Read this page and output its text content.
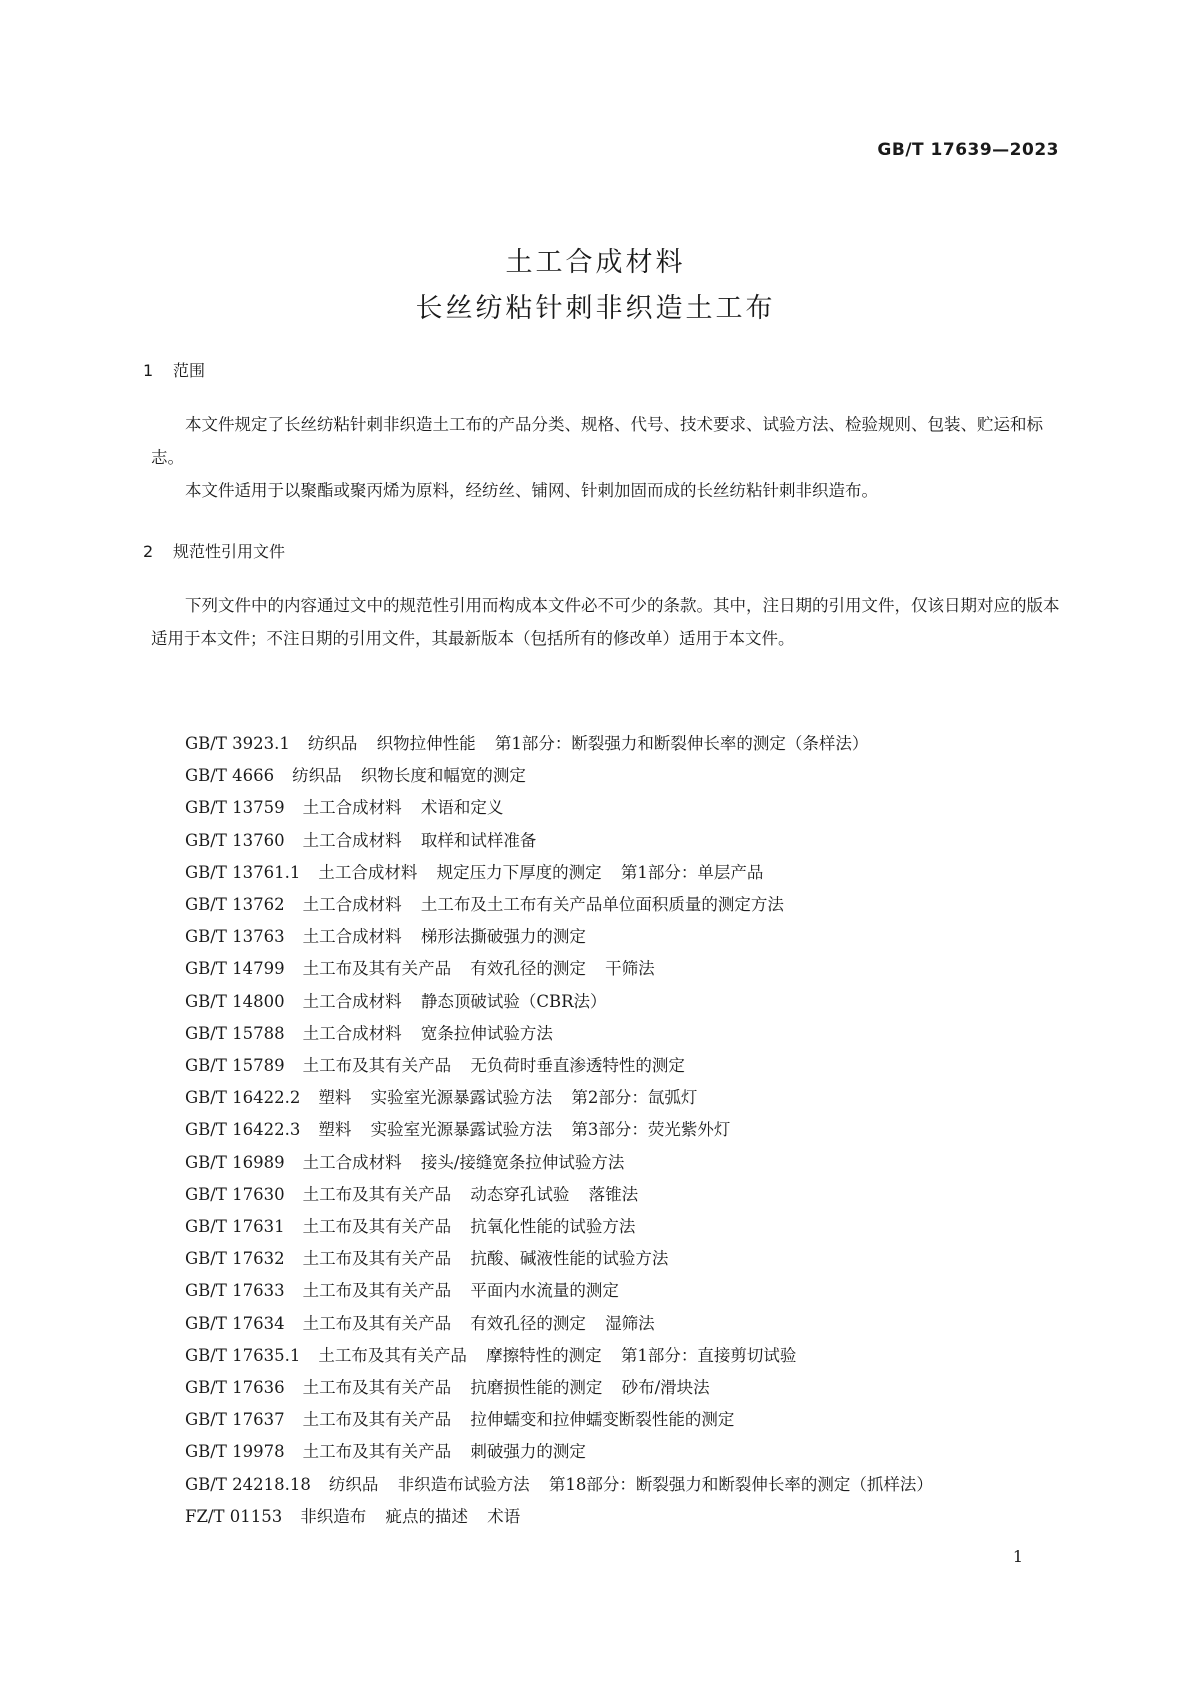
GB/T 17639—2023
土工合成材料
长丝纺粘针刺非织造土工布
1 范围

本文件规定了长丝纺粘针刺非织造土工布的产品分类、规格、代号、技术要求、试验方法、检验规则、包装、贮运和标志。

本文件适用于以聚酯或聚丙烯为原料，经纺丝、铺网、针刺加固而成的长丝纺粘针刺非织造布。

2 规范性引用文件

下列文件中的内容通过文中的规范性引用而构成本文件必不可少的条款。其中，注日期的引用文件，仅该日期对应的版本适用于本文件；不注日期的引用文件，其最新版本（包括所有的修改单）适用于本文件。

GB/T 3923.1 纺织品 织物拉伸性能 第1部分：断裂强力和断裂伸长率的测定（条样法）
GB/T 4666 纺织品 织物长度和幅宽的测定
GB/T 13759 土工合成材料 术语和定义
GB/T 13760 土工合成材料 取样和试样准备
GB/T 13761.1 土工合成材料 规定压力下厚度的测定 第1部分：单层产品
GB/T 13762 土工合成材料 土工布及土工布有关产品单位面积质量的测定方法
GB/T 13763 土工合成材料 梯形法撕破强力的测定
GB/T 14799 土工布及其有关产品 有效孔径的测定 干筛法
GB/T 14800 土工合成材料 静态顶破试验（CBR法）
GB/T 15788 土工合成材料 宽条拉伸试验方法
GB/T 15789 土工布及其有关产品 无负荷时垂直渗透特性的测定
GB/T 16422.2 塑料 实验室光源暴露试验方法 第2部分：氙弧灯
GB/T 16422.3 塑料 实验室光源暴露试验方法 第3部分：荧光紫外灯
GB/T 16989 土工合成材料 接头/接缝宽条拉伸试验方法
GB/T 17630 土工布及其有关产品 动态穿孔试验 落锥法
GB/T 17631 土工布及其有关产品 抗氧化性能的试验方法
GB/T 17632 土工布及其有关产品 抗酸、碱液性能的试验方法
GB/T 17633 土工布及其有关产品 平面内水流量的测定
GB/T 17634 土工布及其有关产品 有效孔径的测定 湿筛法
GB/T 17635.1 土工布及其有关产品 摩擦特性的测定 第1部分：直接剪切试验
GB/T 17636 土工布及其有关产品 抗磨损性能的测定 砂布/滑块法
GB/T 17637 土工布及其有关产品 拉伸蠕变和拉伸蠕变断裂性能的测定
GB/T 19978 土工布及其有关产品 刺破强力的测定
GB/T 24218.18 纺织品 非织造布试验方法 第18部分：断裂强力和断裂伸长率的测定（抓样法）
FZ/T 01153 非织造布 疵点的描述 术语
1
